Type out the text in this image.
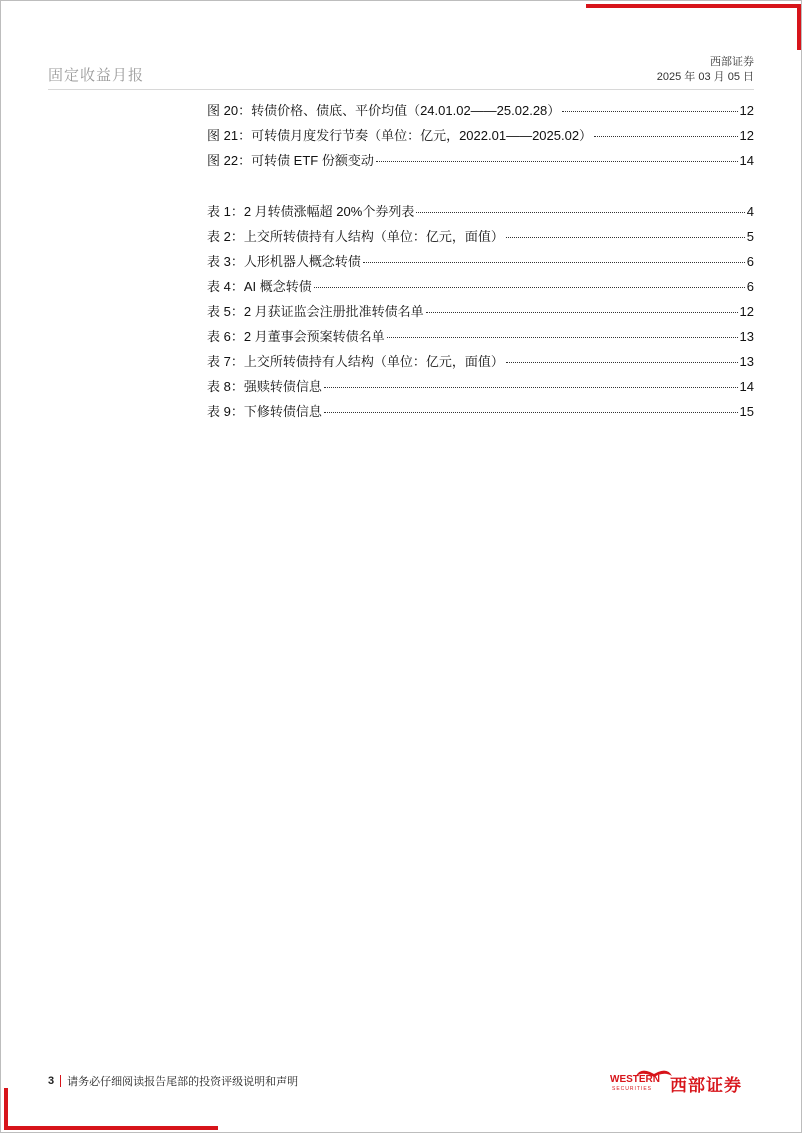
固定收益月报
西部证券
2025 年 03 月 05 日
图 20：转债价格、债底、平价均值（24.01.02——25.02.28）	12
图 21：可转债月度发行节奏（单位：亿元，2022.01——2025.02）	12
图 22：可转债 ETF 份额变动	14
表 1：2 月转债涨幅超 20%个券列表	4
表 2：上交所转债持有人结构（单位：亿元，面值）	5
表 3：人形机器人概念转债	6
表 4：AI 概念转债	6
表 5：2 月获证监会注册批准转债名单	12
表 6：2 月董事会预案转债名单	13
表 7：上交所转债持有人结构（单位：亿元，面值）	13
表 8：强赎转债信息	14
表 9：下修转债信息	15
3 请务必仔细阅读报告尾部的投资评级说明和声明	WESTERN
SECURITIES 西部证券
